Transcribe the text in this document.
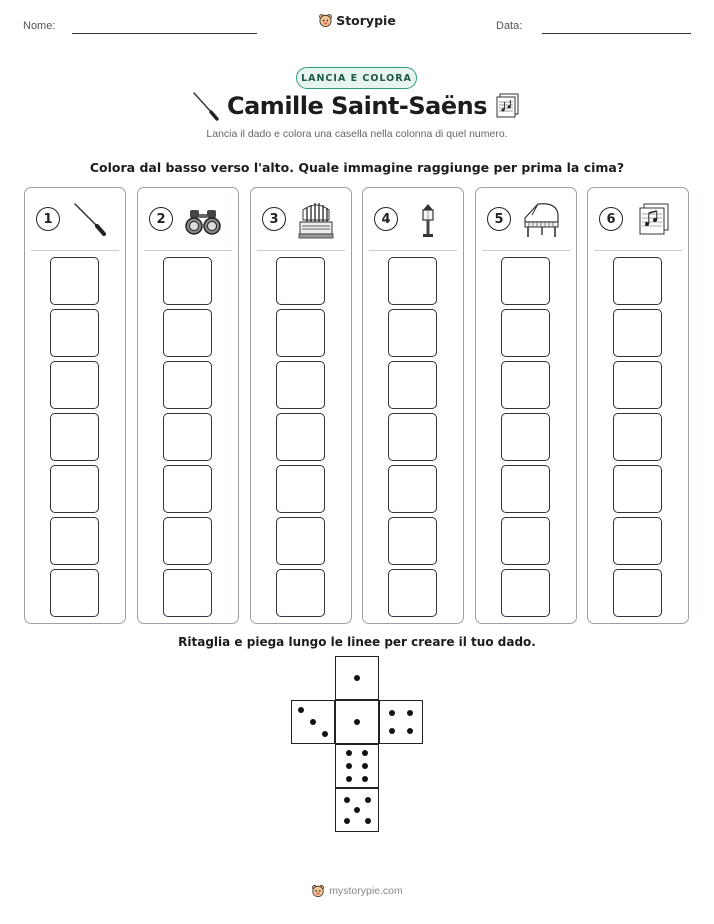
Nome:	Storypie	Data:
LANCIA E COLORA
Camille Saint-Saëns
Lancia il dado e colora una casella nella colonna di quel numero.
Colora dal basso verso l'alto. Quale immagine raggiunge per prima la cima?
1	2	3	4	5	6
Ritaglia e piega lungo le linee per creare il tuo dado.
mystorypie.com
